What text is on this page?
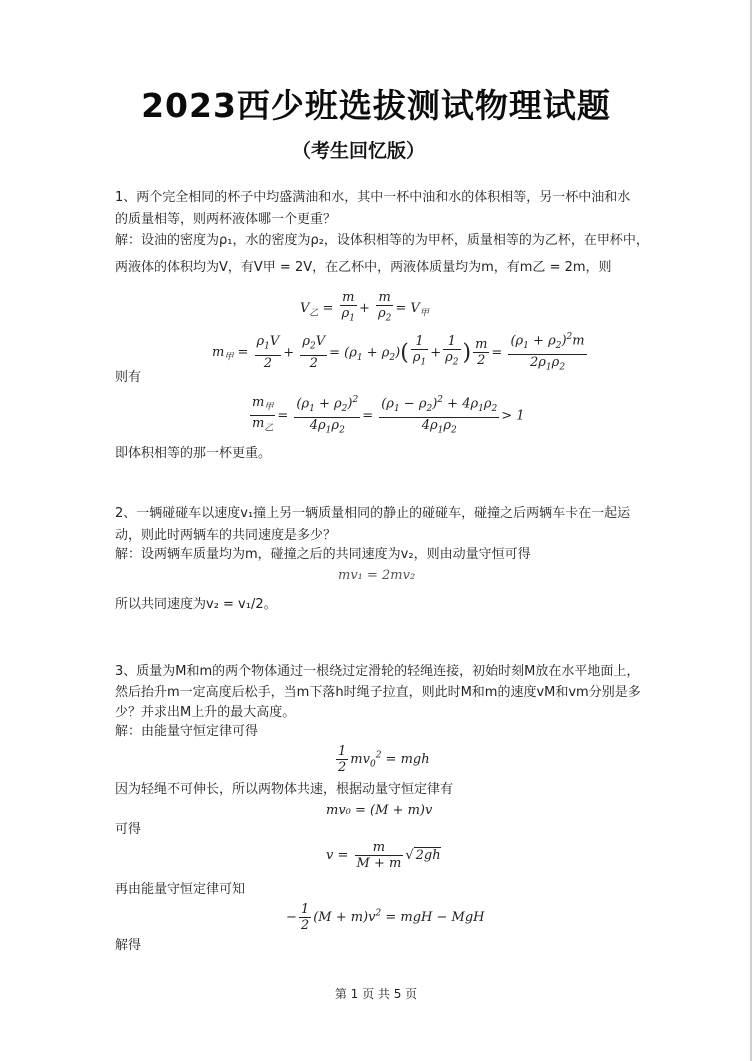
2023西少班选拔测试物理试题
（考生回忆版）
1、两个完全相同的杯子中均盛满油和水，其中一杯中油和水的体积相等，另一杯中油和水
的质量相等，则两杯液体哪一个更重？
解：设油的密度为ρ₁，水的密度为ρ₂，设体积相等的为甲杯，质量相等的为乙杯，在甲杯中，
两液体的体积均为V，有V甲 = 2V，在乙杯中，两液体质量均为m，有m乙 = 2m，则
$V_乙 = \frac{m}{\rho_1} + \frac{m}{\rho_2} = V_甲$
$m_甲 = \frac{\rho_1V}{2} + \frac{\rho_2V}{2} = (\rho_1 + \rho_2)( \frac{1}{\rho_1} + \frac{1}{\rho_2}$ ) $\frac{m}{2} = \frac{(\rho_1 + \rho_2)^2m}{2\rho_1\rho_2}$
则有
$m_甲$
$m_乙$
= $\frac{(\rho_1 + \rho_2)^2}{4\rho_1\rho_2} = \frac{(\rho_1 - \rho_2)^2 + 4\rho_1\rho_2}{4\rho_1\rho_2} > 1$
即体积相等的那一杯更重。
2、一辆碰碰车以速度v₁撞上另一辆质量相同的静止的碰碰车，碰撞之后两辆车卡在一起运
动，则此时两辆车的共同速度是多少？
解：设两辆车质量均为m，碰撞之后的共同速度为v₂，则由动量守恒可得
mv₁ = 2mv₂
所以共同速度为v₂ = v₁/2。
3、质量为M和m的两个物体通过一根绕过定滑轮的轻绳连接，初始时刻M放在水平地面上，
然后抬升m一定高度后松手，当m下落h时绳子拉直，则此时M和m的速度vM和vm分别是多
少？并求出M上升的最大高度。
解：由能量守恒定律可得
$\frac{1}{2} mv_0^2$ = mgh
因为轻绳不可伸长，所以两物体共速，根据动量守恒定律有
mv₀ = (M + m)v
可得
$v = \frac{m}{M + m}$ √ 2gh
再由能量守恒定律可知
− $\frac{1}{2} (M + m)v^2$ = mgH − MgH
解得
第 1 页 共 5 页
